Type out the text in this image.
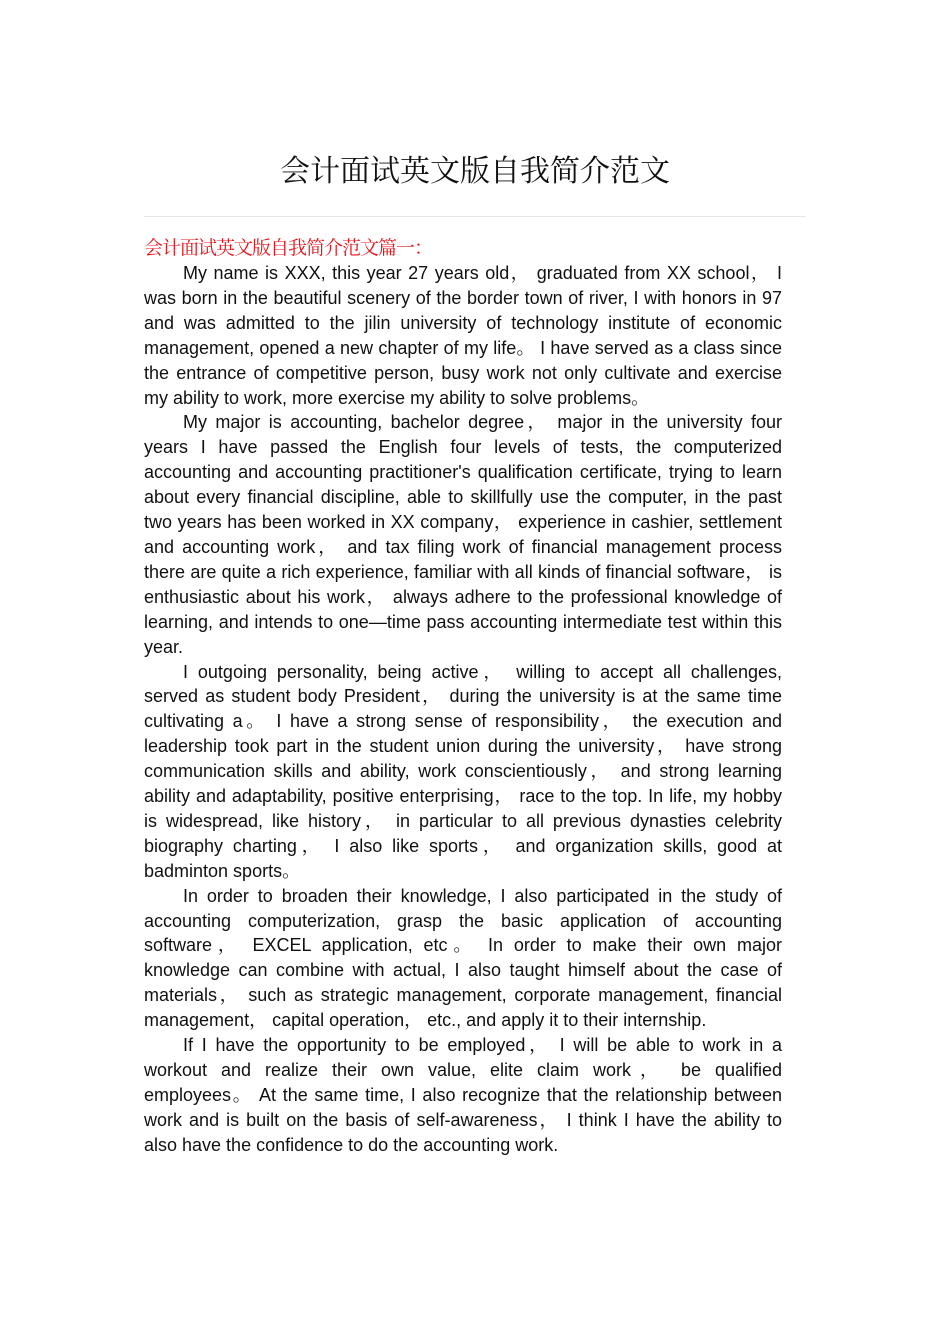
会计面试英文版自我简介范文
会计面试英文版自我简介范文篇一：

My name is XXX, this year 27 years old， graduated from XX school， I was born in the beautiful scenery of the border town of river, I with honors in 97 and was admitted to the jilin university of technology institute of economic management, opened a new chapter of my life。 I have served as a class since the entrance of competitive person, busy work not only cultivate and exercise my ability to work, more exercise my ability to solve problems。

My major is accounting, bachelor degree， major in the university four years I have passed the English four levels of tests, the computerized accounting and accounting practitioner's qualification certificate, trying to learn about every financial discipline, able to skillfully use the computer, in the past two years has been worked in XX company， experience in cashier, settlement and accounting work， and tax filing work of financial management process there are quite a rich experience, familiar with all kinds of financial software， is enthusiastic about his work， always adhere to the professional knowledge of learning, and intends to one—time pass accounting intermediate test within this year.

I outgoing personality, being active， willing to accept all challenges, served as student body President， during the university is at the same time cultivating a。 I have a strong sense of responsibility， the execution and leadership took part in the student union during the university， have strong communication skills and ability, work conscientiously， and strong learning ability and adaptability, positive enterprising， race to the top. In life, my hobby is widespread, like history， in particular to all previous dynasties celebrity biography charting， I also like sports， and organization skills, good at badminton sports。

In order to broaden their knowledge, I also participated in the study of accounting computerization, grasp the basic application of accounting software， EXCEL application, etc。 In order to make their own major knowledge can combine with actual, I also taught himself about the case of materials， such as strategic management, corporate management, financial management， capital operation， etc., and apply it to their internship.

If I have the opportunity to be employed， I will be able to work in a workout and realize their own value, elite claim work， be qualified employees。 At the same time, I also recognize that the relationship between work and is built on the basis of self-awareness， I think I have the ability to also have the confidence to do the accounting work.
